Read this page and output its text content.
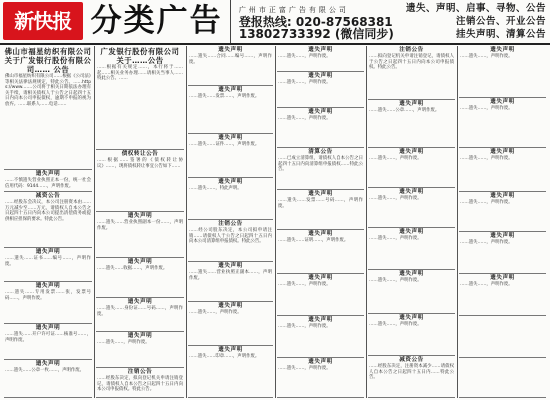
新快报 分类广告	广州市正富广告有限公司
登报热线: 020-87568381
13802733392 (微信同步)
遗失、声明、启事、寻物、公告
注销公告、开业公告
挂失声明、清算公告
佛山市福星纺织有限公司 关于广发银行股份有限公司…… 公告
佛山市福星纺织有限公司……根据《公司法》等相关法律法规规定，特此公告。……https://www.……公司将于相关日期依法办理有关手续，请相关债权人于公告之日起四十五日内向本公司申报债权，逾期不申报的视为放弃。……联系人……电话……
遗失声明
……不慎遗失营业执照正本一份，统一社会信用代码：9144……，声明作废。
减资公告
……经股东会决议，本公司注册资本由……万元减少至……万元，请债权人自本公告之日起四十五日内向本公司提出清偿债务或提供相应担保的要求。特此公告。
遗失声明
……遗失……证书……编号……，声明作废。
遗失声明
……遗失……专用发票……张，发票号码……，声明作废。
遗失声明
……遗失……开户许可证……核准号……，声明作废。
遗失声明
……遗失……公章一枚……，声明作废。
广发银行股份有限公司 关于……公告
……根据有关规定……，本行将于……起……相关业务办理……请相关当事人……特此公告。……
债权转让公告
……根据……签署的《债权转让协议》……，现将债权转让事宜公告如下……
遗失声明
……遗失……营业执照副本一份……，声明作废。
遗失声明
……遗失……收据……，声明作废。
遗失声明
……遗失……身份证……号码……，声明作废。
遗失声明
……遗失……，声明作废。
注销公告
……经股东决定，拟向登记机关申请注销登记，请债权人自本公告之日起四十五日内向本公司申报债权。特此公告。
遗失声明
……遗失……合同……编号……，声明作废。
遗失声明
……遗失……发票……，声明作废。
遗失声明
……遗失……证件……，声明作废。
遗失声明
……遗失……，特此声明。
注销公告
……经公司股东决定，本公司拟申请注销……请债权人于公告之日起四十五日内向本公司清算组申报债权。特此公告。
遗失声明
……遗失……营业执照正副本……，声明作废。
遗失声明
……遗失……，声明作废。
遗失声明
……遗失……印章……，声明作废。
遗失声明
……遗失……，声明作废。
遗失声明
……遗失……，声明作废。
遗失声明
……遗失……，声明作废。
清算公告
……已成立清算组，请债权人自本公告之日起四十五日内向清算组申报债权……特此公告。
遗失声明
……遗失……发票……号码……，声明作废。
遗失声明
……遗失……证明……，声明作废。
遗失声明
……遗失……，声明作废。
遗失声明
……遗失……，声明作废。
遗失声明
……遗失……，声明作废。
注销公告
……拟向登记机关申请注销登记，请债权人于公告之日起四十五日内向本公司申报债权。特此公告。
遗失声明
……遗失……公章……，声明作废。
遗失声明
……遗失……，声明作废。
遗失声明
……遗失……，声明作废。
遗失声明
……遗失……，声明作废。
遗失声明
……遗失……，声明作废。
遗失声明
……遗失……，声明作废。
减资公告
……经股东决定，注册资本减少……请债权人自本公告之日起四十五日内……特此公告。
遗失声明
……遗失……，声明作废。
遗失声明
……遗失……，声明作废。
遗失声明
……遗失……，声明作废。
遗失声明
……遗失……，声明作废。
遗失声明
……遗失……，声明作废。
遗失声明
……遗失……，声明作废。
